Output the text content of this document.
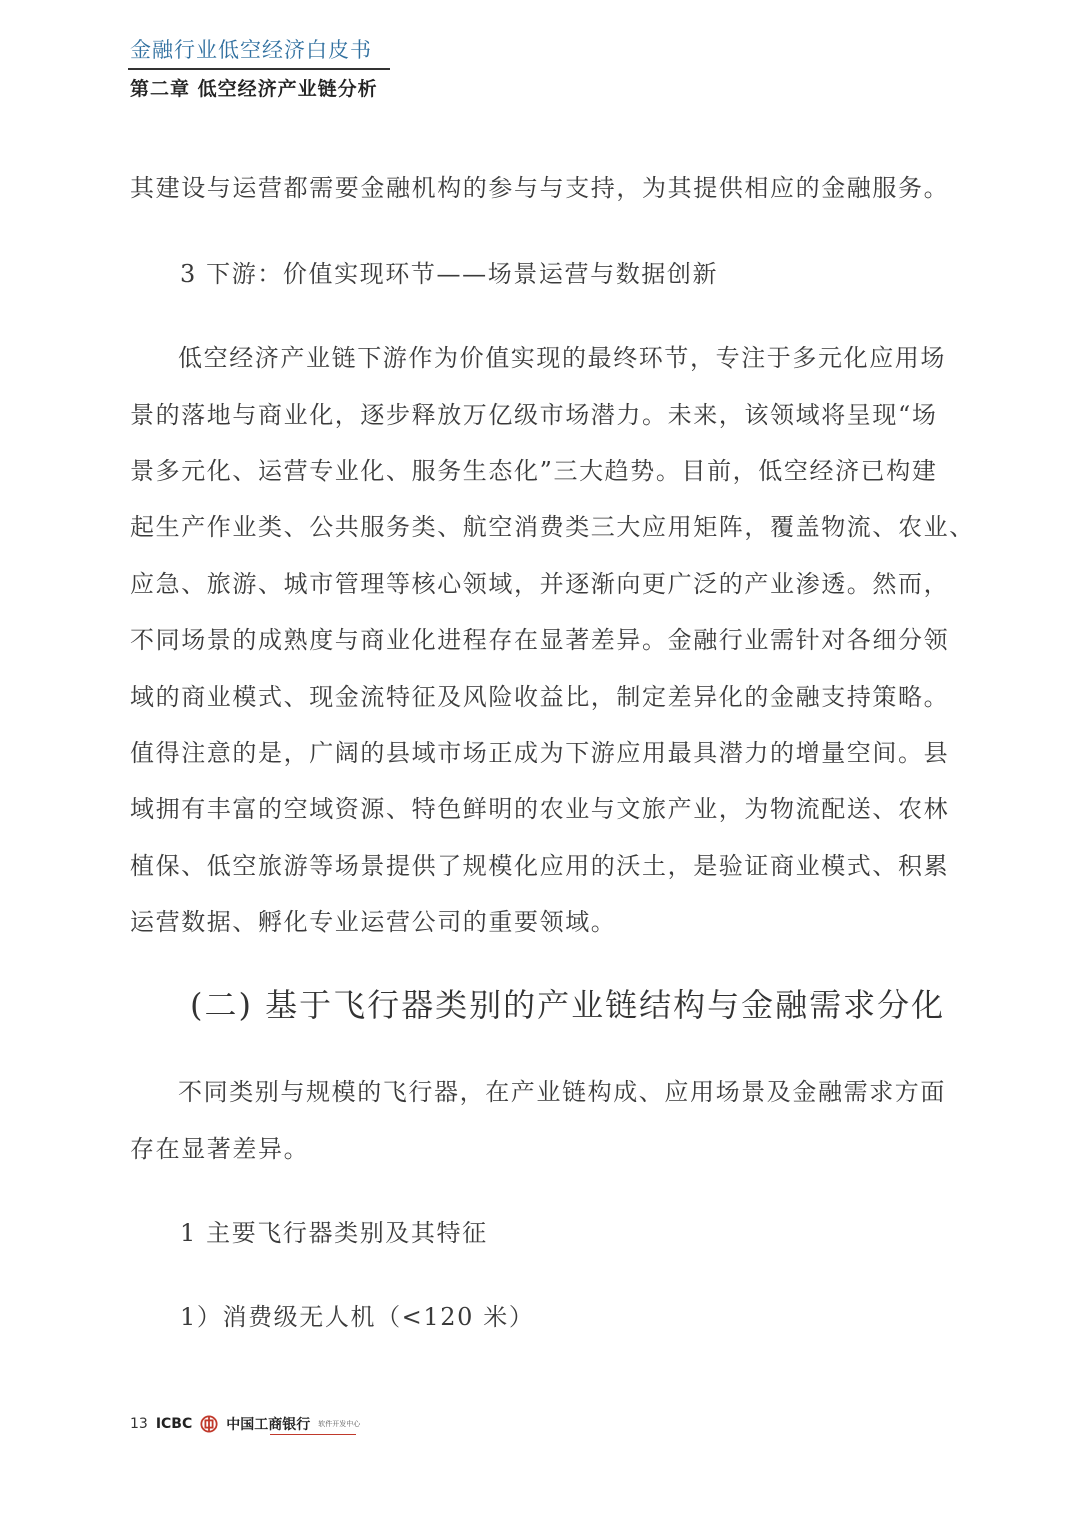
金融行业低空经济白皮书
第二章 低空经济产业链分析

其建设与运营都需要金融机构的参与与支持，为其提供相应的金融服务。

3 下游：价值实现环节——场景运营与数据创新

低空经济产业链下游作为价值实现的最终环节，专注于多元化应用场

景的落地与商业化，逐步释放万亿级市场潜力。未来，该领域将呈现“场

景多元化、运营专业化、服务生态化”三大趋势。目前，低空经济已构建

起生产作业类、公共服务类、航空消费类三大应用矩阵，覆盖物流、农业、

应急、旅游、城市管理等核心领域，并逐渐向更广泛的产业渗透。然而，

不同场景的成熟度与商业化进程存在显著差异。金融行业需针对各细分领

域的商业模式、现金流特征及风险收益比，制定差异化的金融支持策略。

值得注意的是，广阔的县域市场正成为下游应用最具潜力的增量空间。县

域拥有丰富的空域资源、特色鲜明的农业与文旅产业，为物流配送、农林

植保、低空旅游等场景提供了规模化应用的沃土，是验证商业模式、积累

运营数据、孵化专业运营公司的重要领域。

(二) 基于飞行器类别的产业链结构与金融需求分化

不同类别与规模的飞行器，在产业链构成、应用场景及金融需求方面

存在显著差异。

1 主要飞行器类别及其特征

1）消费级无人机（<120 米）

13 ICBC 中国工商银行 软件开发中心
